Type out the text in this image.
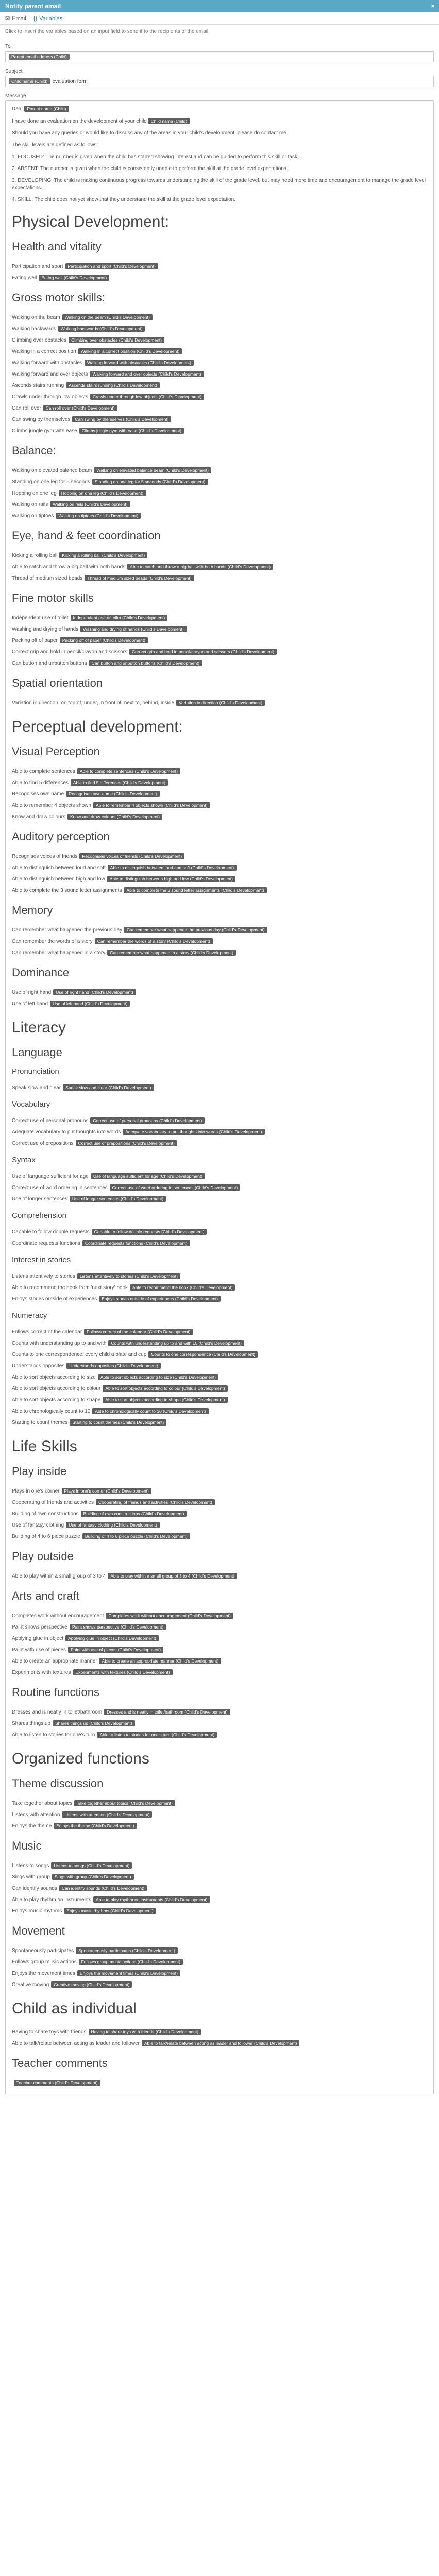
Notify parent email	×
✉ Email {} Variables
Click to insert the variables based on an input field to send it to the recipients of the email.
To
Parent email address (Child)
Subject
Child name (Child) evaluation form
Message

Dear Parent name (Child)

I have done an evaluation on the development of your child Child name (Child)

Should you have any queries or would like to discuss any of the areas in your child's development, please do contact me.

The skill levels are defined as follows:

1. FOCUSED: The number is given when the child has started showing interest and can be guided to perform this skill or task.

2. ABSENT: The number is given when the child is consistently unable to perform the skill at the grade level expectations.

3. DEVELOPING: The child is making continuous progress towards understanding the skill of the grade level, but may need more time and encouragement to manage the grade level expectations.

4. SKILL: The child does not yet show that they understand the skill at the grade level expectation.

Physical Development:
Health and vitality
Participation and sport	Participation and sport (Child's Development)
Eating well	Eating well (Child's Development)
Gross motor skills:
Walking on the beam	Walking on the beam (Child's Development)
Walking backwards	Walking backwards (Child's Development)
Climbing over obstacles	Climbing over obstacles (Child's Development)
Walking in a correct position	Walking in a correct position (Child's Development)
Walking forward with obstacles	Walking forward with obstacles (Child's Development)
Walking forward and over objects	Walking forward and over objects (Child's Development)
Ascends stairs running	Ascends stairs running (Child's Development)
Crawls under through low objects	Crawls under through low objects (Child's Development)
Can roll over	Can roll over (Child's Development)
Can swing by themselves	Can swing by themselves (Child's Development)
Climbs jungle gym with ease	Climbs jungle gym with ease (Child's Development)
Balance:
Walking on elevated balance beam	Walking on elevated balance beam (Child's Development)
Standing on one leg for 5 seconds	Standing on one leg for 5 seconds (Child's Development)
Hopping on one leg	Hopping on one leg (Child's Development)
Walking on rails	Walking on rails (Child's Development)
Walking on tiptoes	Walking on tiptoes (Child's Development)
Eye, hand & feet coordination
Kicking a rolling ball	Kicking a rolling ball (Child's Development)
Able to catch and throw a big ball with both hands	Able to catch and throw a big ball with both hands (Child's Development)
Thread of medium sized beads	Thread of medium sized beads (Child's Development)
Fine motor skills
Independent use of toilet	Independent use of toilet (Child's Development)
Washing and drying of hands	Washing and drying of hands (Child's Development)
Packing off of paper	Packing off of paper (Child's Development)
Correct grip and hold in pencil/crayon and scissors	Correct grip and hold in pencil/crayon and scissors (Child's Development)
Can button and unbutton buttons	Can button and unbutton buttons (Child's Development)
Spatial orientation
Variation in direction: on top of, under, in front of, next to, behind, inside	Variation in direction (Child's Development)
Perceptual development:
Visual Perception
Able to complete sentences	Able to complete sentences (Child's Development)
Able to find 5 differences	Able to find 5 differences (Child's Development)
Recognises own name	Recognises own name (Child's Development)
Able to remember 4 objects shown	Able to remember 4 objects shown (Child's Development)
Know and draw colours	Know and draw colours (Child's Development)
Auditory perception
Recognises voices of friends	Recognises voices of friends (Child's Development)
Able to distinguish between loud and soft	Able to distinguish between loud and soft (Child's Development)
Able to distinguish between high and low	Able to distinguish between high and low (Child's Development)
Able to complete the 3 sound letter assignments	Able to complete the 3 sound letter assignments (Child's Development)
Memory
Can remember what happened the previous day	Can remember what happened the previous day (Child's Development)
Can remember the words of a story	Can remember the words of a story (Child's Development)
Can remember what happened in a story	Can remember what happened in a story (Child's Development)
Dominance
Use of right hand	Use of right hand (Child's Development)
Use of left hand	Use of left hand (Child's Development)
Literacy
Language
Pronunciation
Speak slow and clear	Speak slow and clear (Child's Development)
Vocabulary
Correct use of personal pronouns	Correct use of personal pronouns (Child's Development)
Adequate vocabulary to put thoughts into words	Adequate vocabulary to put thoughts into words (Child's Development)
Correct use of prepositions	Correct use of prepositions (Child's Development)
Syntax
Use of language sufficient for age	Use of language sufficient for age (Child's Development)
Correct use of word ordering in sentences	Correct use of word ordering in sentences (Child's Development)
Use of longer sentences	Use of longer sentences (Child's Development)
Comprehension
Capable to follow double requests	Capable to follow double requests (Child's Development)
Coordinate requests functions	Coordinate requests functions (Child's Development)
Interest in stories
Listens attentively to stories	Listens attentively to stories (Child's Development)
Able to recommend the book from 'next story' book	Able to recommend the book (Child's Development)
Enjoys stories outside of experiences	Enjoys stories outside of experiences (Child's Development)
Numeracy
Follows correct of the calendar	Follows correct of the calendar (Child's Development)
Counts with understanding up to and with	Counts with understanding up to and with 10 (Child's Development)
Counts to one correspondence: every child a plate and cup	Counts to one correspondence (Child's Development)
Understands opposites	Understands opposites (Child's Development)
Able to sort objects according to size	Able to sort objects according to size (Child's Development)
Able to sort objects according to colour	Able to sort objects according to colour (Child's Development)
Able to sort objects according to shape	Able to sort objects according to shape (Child's Development)
Able to chronologically count to 10	Able to chronologically count to 10 (Child's Development)
Starting to count themes	Starting to count themes (Child's Development)
Life Skills
Play inside
Plays in one's corner	Plays in one's corner (Child's Development)
Cooperating of friends and activities	Cooperating of friends and activities (Child's Development)
Building of own constructions	Building of own constructions (Child's Development)
Use of fantasy clothing	Use of fantasy clothing (Child's Development)
Building of 4 to 6 piece puzzle	Building of 4 to 6 piece puzzle (Child's Development)
Play outside
Able to play within a small group of 3 to 4	Able to play within a small group of 3 to 4 (Child's Development)
Arts and craft
Completes work without encouragement	Completes work without encouragement (Child's Development)
Paint shows perspective	Paint shows perspective (Child's Development)
Applying glue in object	Applying glue in object (Child's Development)
Paint with use of pieces	Paint with use of pieces (Child's Development)
Able to create an appropriate manner	Able to create an appropriate manner (Child's Development)
Experiments with textures	Experiments with textures (Child's Development)
Routine functions
Dresses and is neatly in toilet/bathroom	Dresses and is neatly in toilet/bathroom (Child's Development)
Shares things up	Shares things up (Child's Development)
Able to listen to stories for one's turn	Able to listen to stories for one's turn (Child's Development)
Organized functions
Theme discussion
Take together about topics	Take together about topics (Child's Development)
Listens with attention	Listens with attention (Child's Development)
Enjoys the theme	Enjoys the theme (Child's Development)
Music
Listens to songs	Listens to songs (Child's Development)
Sings with group	Sings with group (Child's Development)
Can identify sounds	Can identify sounds (Child's Development)
Able to play rhythm on instruments	Able to play rhythm on instruments (Child's Development)
Enjoys music rhythms	Enjoys music rhythms (Child's Development)
Movement
Spontaneously participates	Spontaneously participates (Child's Development)
Follows group music actions	Follows group music actions (Child's Development)
Enjoys the movement times	Enjoys the movement times (Child's Development)
Creative moving	Creative moving (Child's Development)
Child as individual
Having to share toys with friends	Having to share toys with friends (Child's Development)
Able to talk/relate between acting as leader and follower	Able to talk/relate between acting as leader and follower (Child's Development)
Teacher comments
Teacher comments (Child's Development)
